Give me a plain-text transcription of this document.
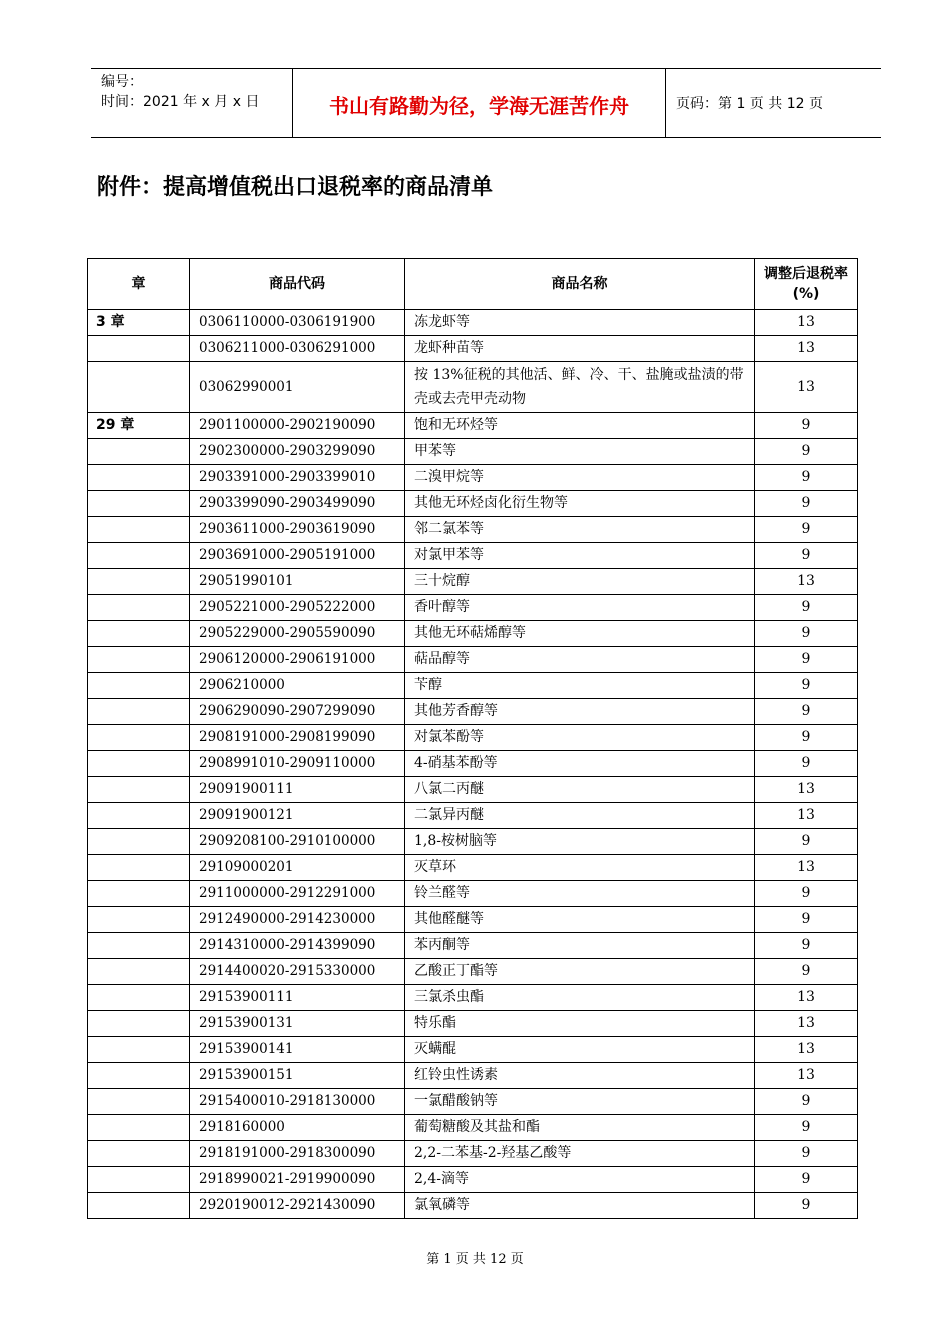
编号：
时间：2021 年 x 月 x 日	书山有路勤为径，学海无涯苦作舟	页码：第 1 页 共 12 页
附件：提高增值税出口退税率的商品清单
章	商品代码	商品名称	调整后退税率(%)
3 章	0306110000-0306191900	冻龙虾等	13
	0306211000-0306291000	龙虾种苗等	13
	03062990001	按 13%征税的其他活、鲜、冷、干、盐腌或盐渍的带壳或去壳甲壳动物	13
29 章	2901100000-2902190090	饱和无环烃等	9
	2902300000-2903299090	甲苯等	9
	2903391000-2903399010	二溴甲烷等	9
	2903399090-2903499090	其他无环烃卤化衍生物等	9
	2903611000-2903619090	邻二氯苯等	9
	2903691000-2905191000	对氯甲苯等	9
	29051990101	三十烷醇	13
	2905221000-2905222000	香叶醇等	9
	2905229000-2905590090	其他无环萜烯醇等	9
	2906120000-2906191000	萜品醇等	9
	2906210000	苄醇	9
	2906290090-2907299090	其他芳香醇等	9
	2908191000-2908199090	对氯苯酚等	9
	2908991010-2909110000	4-硝基苯酚等	9
	29091900111	八氯二丙醚	13
	29091900121	二氯异丙醚	13
	2909208100-2910100000	1,8-桉树脑等	9
	29109000201	灭草环	13
	2911000000-2912291000	铃兰醛等	9
	2912490000-2914230000	其他醛醚等	9
	2914310000-2914399090	苯丙酮等	9
	2914400020-2915330000	乙酸正丁酯等	9
	29153900111	三氯杀虫酯	13
	29153900131	特乐酯	13
	29153900141	灭螨醌	13
	29153900151	红铃虫性诱素	13
	2915400010-2918130000	一氯醋酸钠等	9
	2918160000	葡萄糖酸及其盐和酯	9
	2918191000-2918300090	2,2-二苯基-2-羟基乙酸等	9
	2918990021-2919900090	2,4-滴等	9
	2920190012-2921430090	氯氧磷等	9
第 1 页 共 12 页
